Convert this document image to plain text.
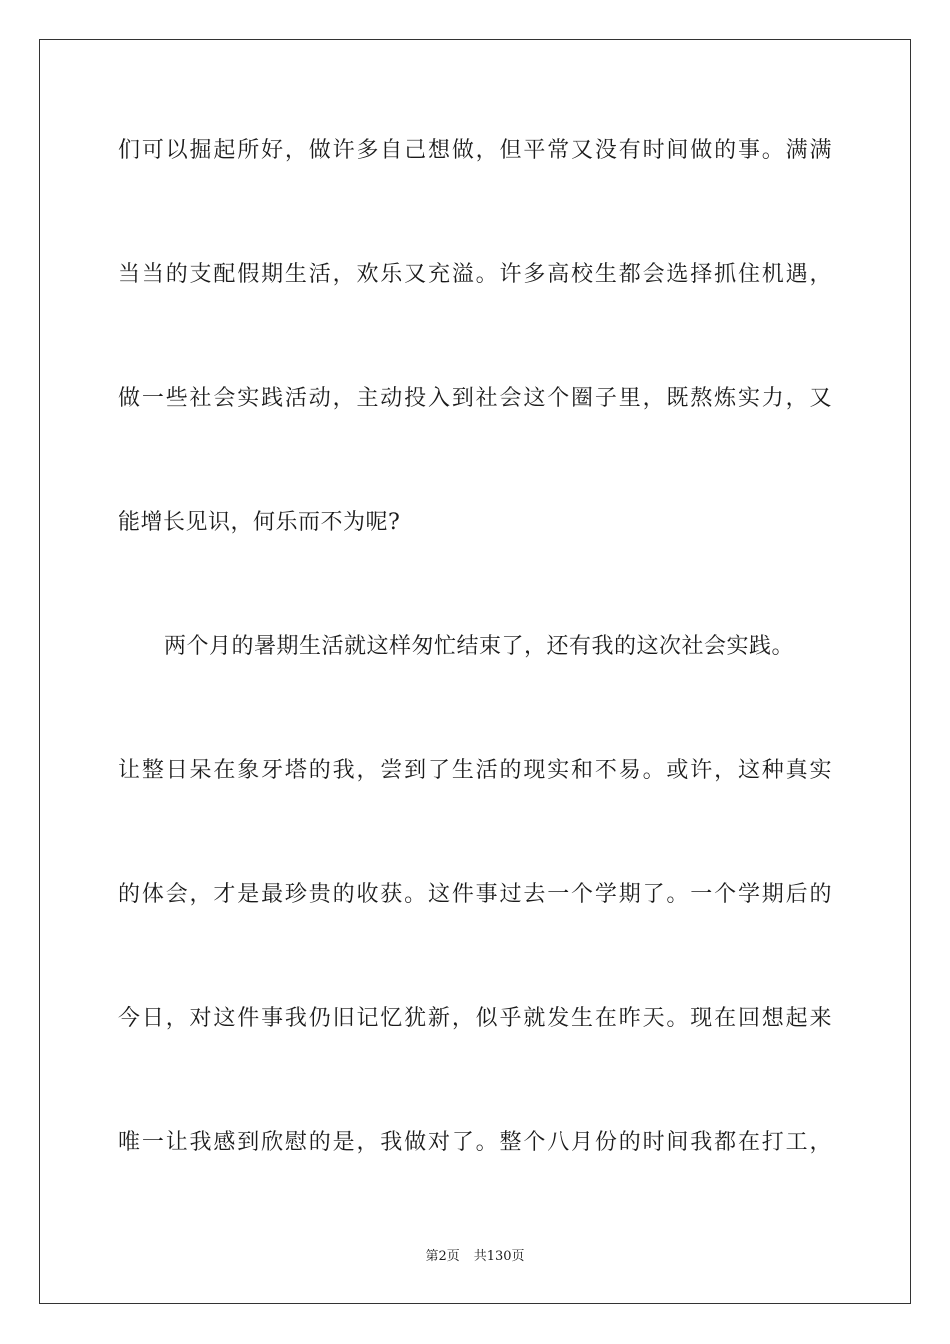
们可以掘起所好，做许多自己想做，但平常又没有时间做的事。满满
当当的支配假期生活，欢乐又充溢。许多高校生都会选择抓住机遇，
做一些社会实践活动，主动投入到社会这个圈子里，既熬炼实力，又
能增长见识，何乐而不为呢?
两个月的暑期生活就这样匆忙结束了，还有我的这次社会实践。
让整日呆在象牙塔的我，尝到了生活的现实和不易。或许，这种真实
的体会，才是最珍贵的收获。这件事过去一个学期了。一个学期后的
今日，对这件事我仍旧记忆犹新，似乎就发生在昨天。现在回想起来
唯一让我感到欣慰的是，我做对了。整个八月份的时间我都在打工，
第2页 共130页
